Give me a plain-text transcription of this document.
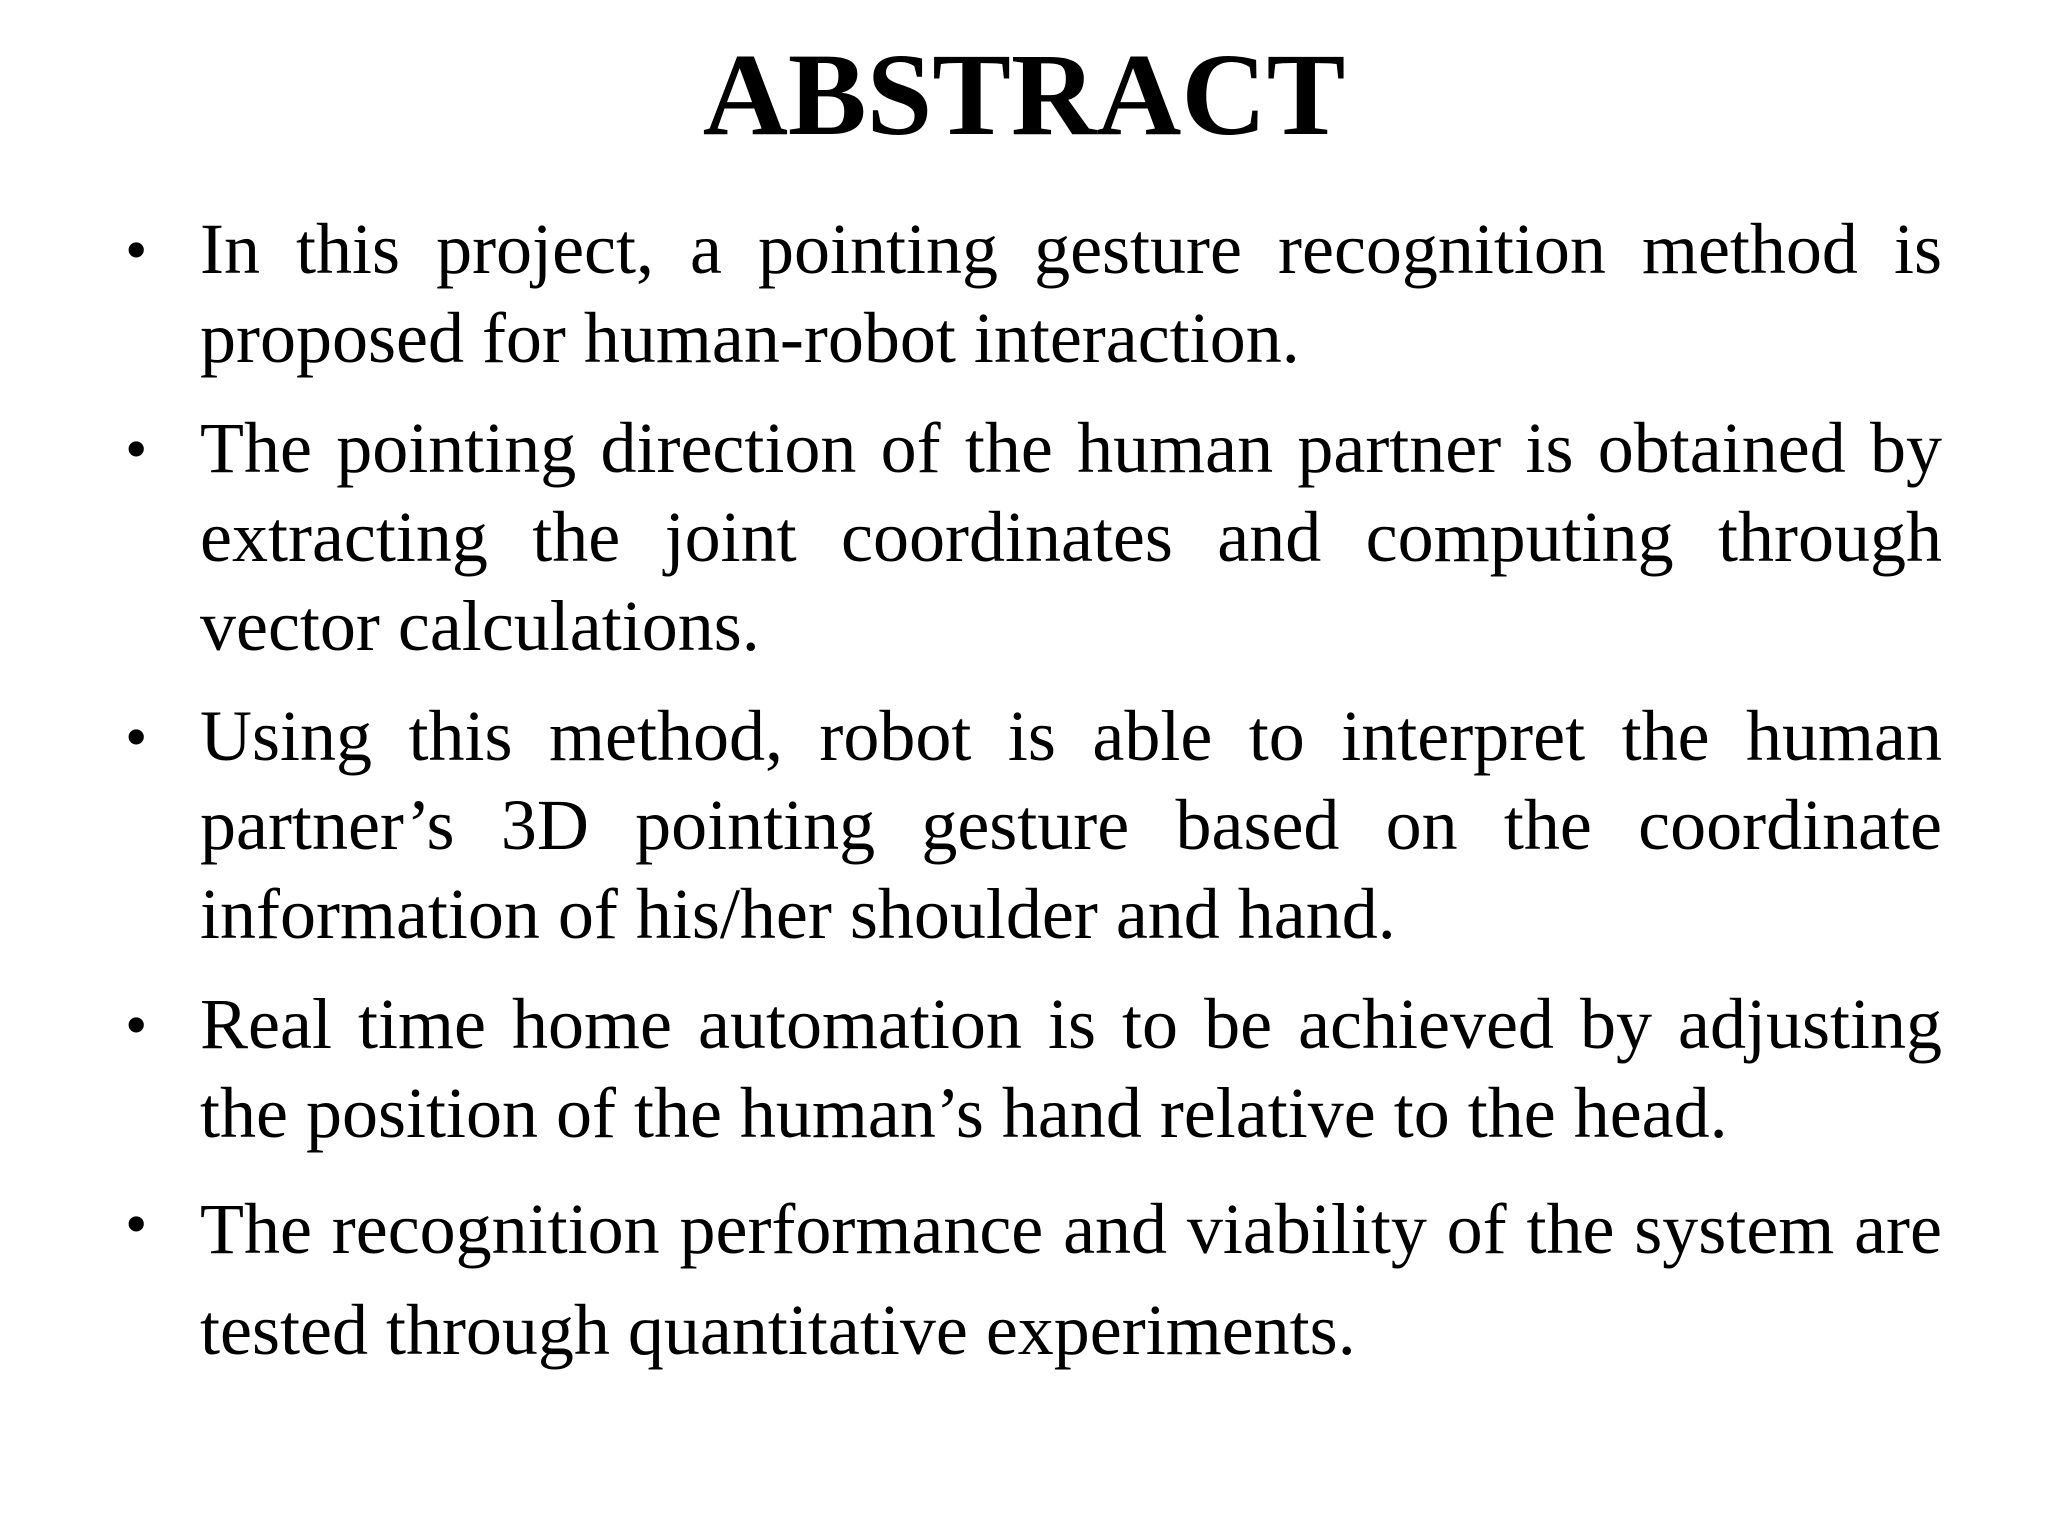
ABSTRACT
• In this project, a pointing gesture recognition method is proposed for human-robot interaction.
• The pointing direction of the human partner is obtained by extracting the joint coordinates and computing through vector calculations.
• Using this method, robot is able to interpret the human partner’s 3D pointing gesture based on the coordinate information of his/her shoulder and hand.
• Real time home automation is to be achieved by adjusting the position of the human’s hand relative to the head.
• The recognition performance and viability of the system are tested through quantitative experiments.
